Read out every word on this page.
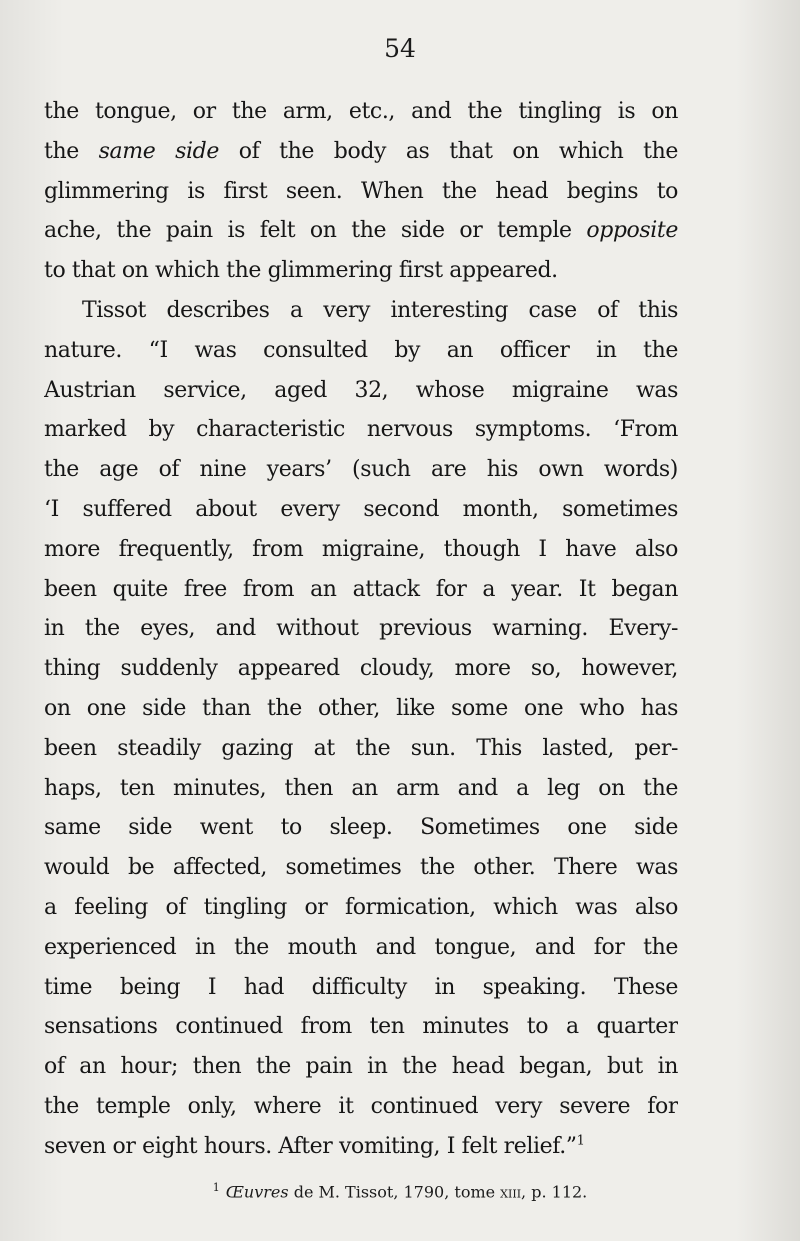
54
the tongue, or the arm, etc., and the tingling is on
the same side of the body as that on which the
glimmering is first seen. When the head begins to
ache, the pain is felt on the side or temple opposite
to that on which the glimmering first appeared.
Tissot describes a very interesting case of this
nature. “I was consulted by an officer in the
Austrian service, aged 32, whose migraine was
marked by characteristic nervous symptoms. ‘From
the age of nine years’ (such are his own words)
‘I suffered about every second month, sometimes
more frequently, from migraine, though I have also
been quite free from an attack for a year. It began
in the eyes, and without previous warning. Every-
thing suddenly appeared cloudy, more so, however,
on one side than the other, like some one who has
been steadily gazing at the sun. This lasted, per-
haps, ten minutes, then an arm and a leg on the
same side went to sleep. Sometimes one side
would be affected, sometimes the other. There was
a feeling of tingling or formication, which was also
experienced in the mouth and tongue, and for the
time being I had difficulty in speaking. These
sensations continued from ten minutes to a quarter
of an hour; then the pain in the head began, but in
the temple only, where it continued very severe for
seven or eight hours. After vomiting, I felt relief.”$^1$
$^1$ Œuvres de M. Tissot, 1790, tome xiii, p. 112.
